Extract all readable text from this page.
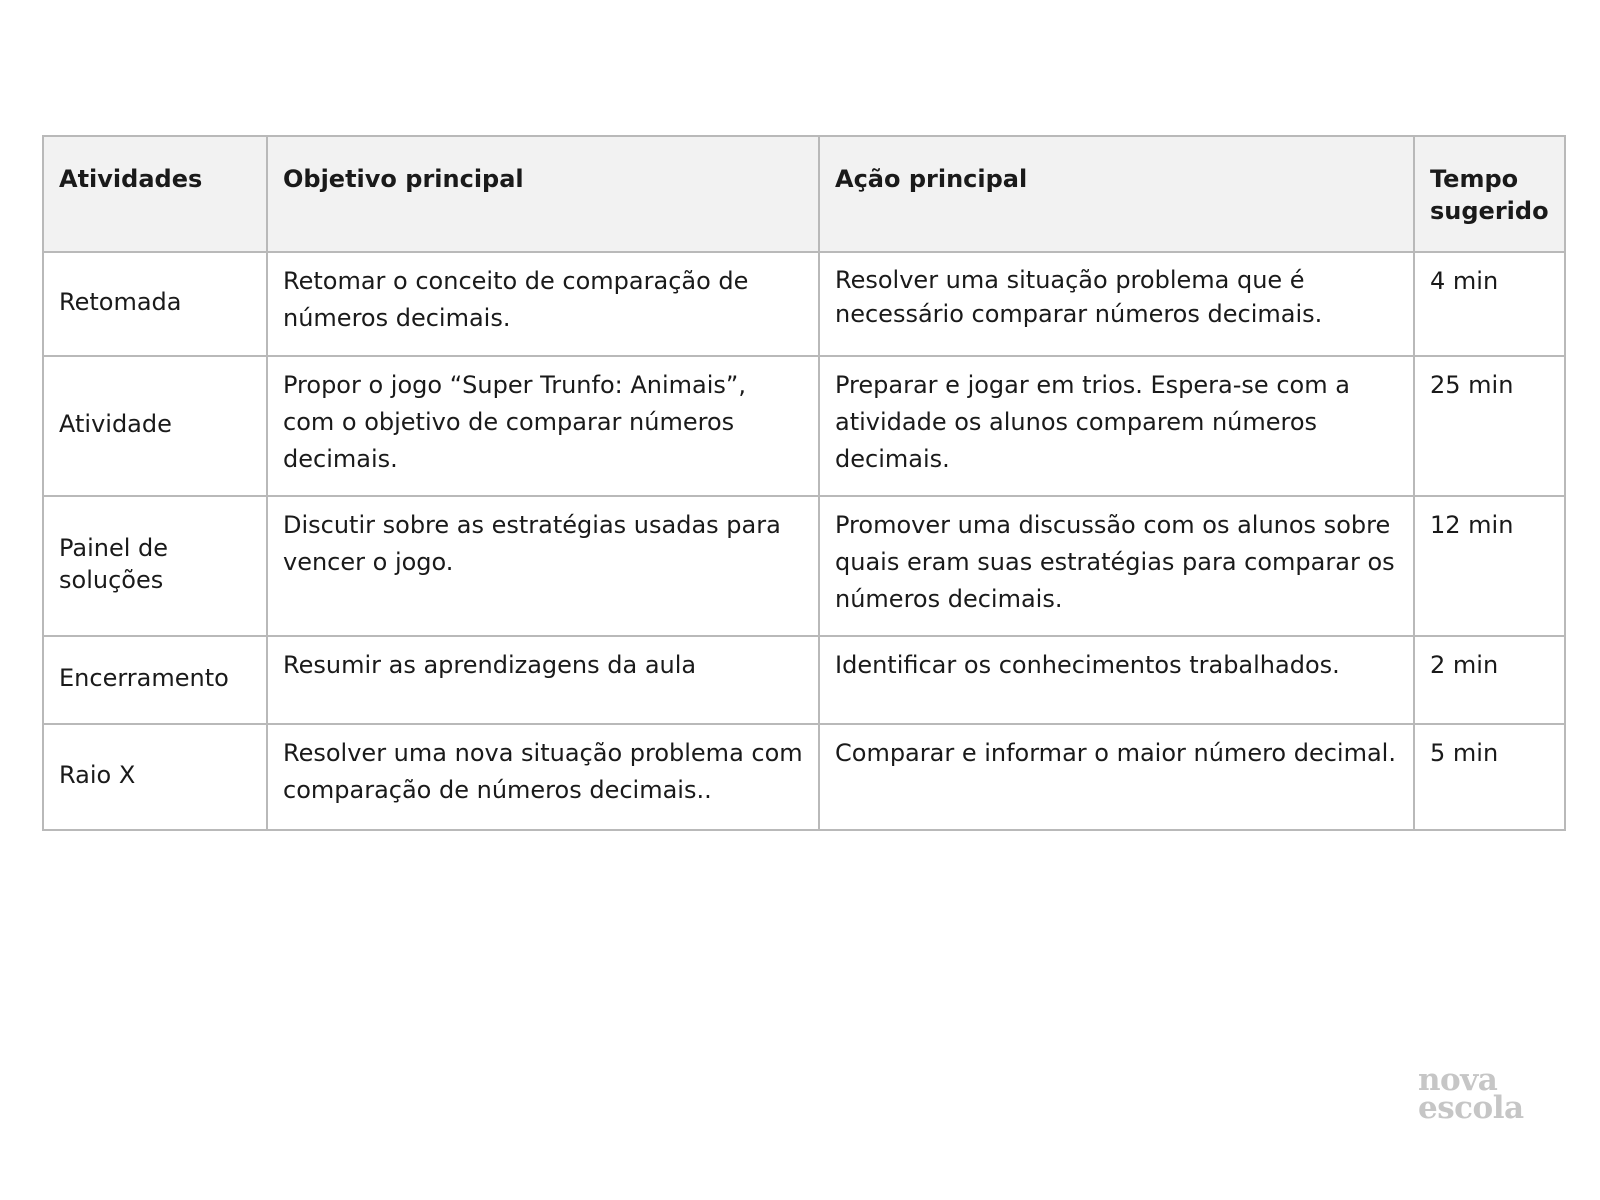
Atividades	Objetivo principal	Ação principal	Tempo sugerido
Retomada	Retomar o conceito de comparação de números decimais.	Resolver uma situação problema que é necessário comparar números decimais.	4 min
Atividade	Propor o jogo “Super Trunfo: Animais”, com o objetivo de comparar números decimais.	Preparar e jogar em trios. Espera-se com a atividade os alunos comparem números decimais.	25 min
Painel de soluções	Discutir sobre as estratégias usadas para vencer o jogo.	Promover uma discussão com os alunos sobre quais eram suas estratégias para comparar os números decimais.	12 min
Encerramento	Resumir as aprendizagens da aula	Identificar os conhecimentos trabalhados.	2 min
Raio X	Resolver uma nova situação problema com comparação de números decimais..	Comparar e informar o maior número decimal.	5 min
nova
escola
